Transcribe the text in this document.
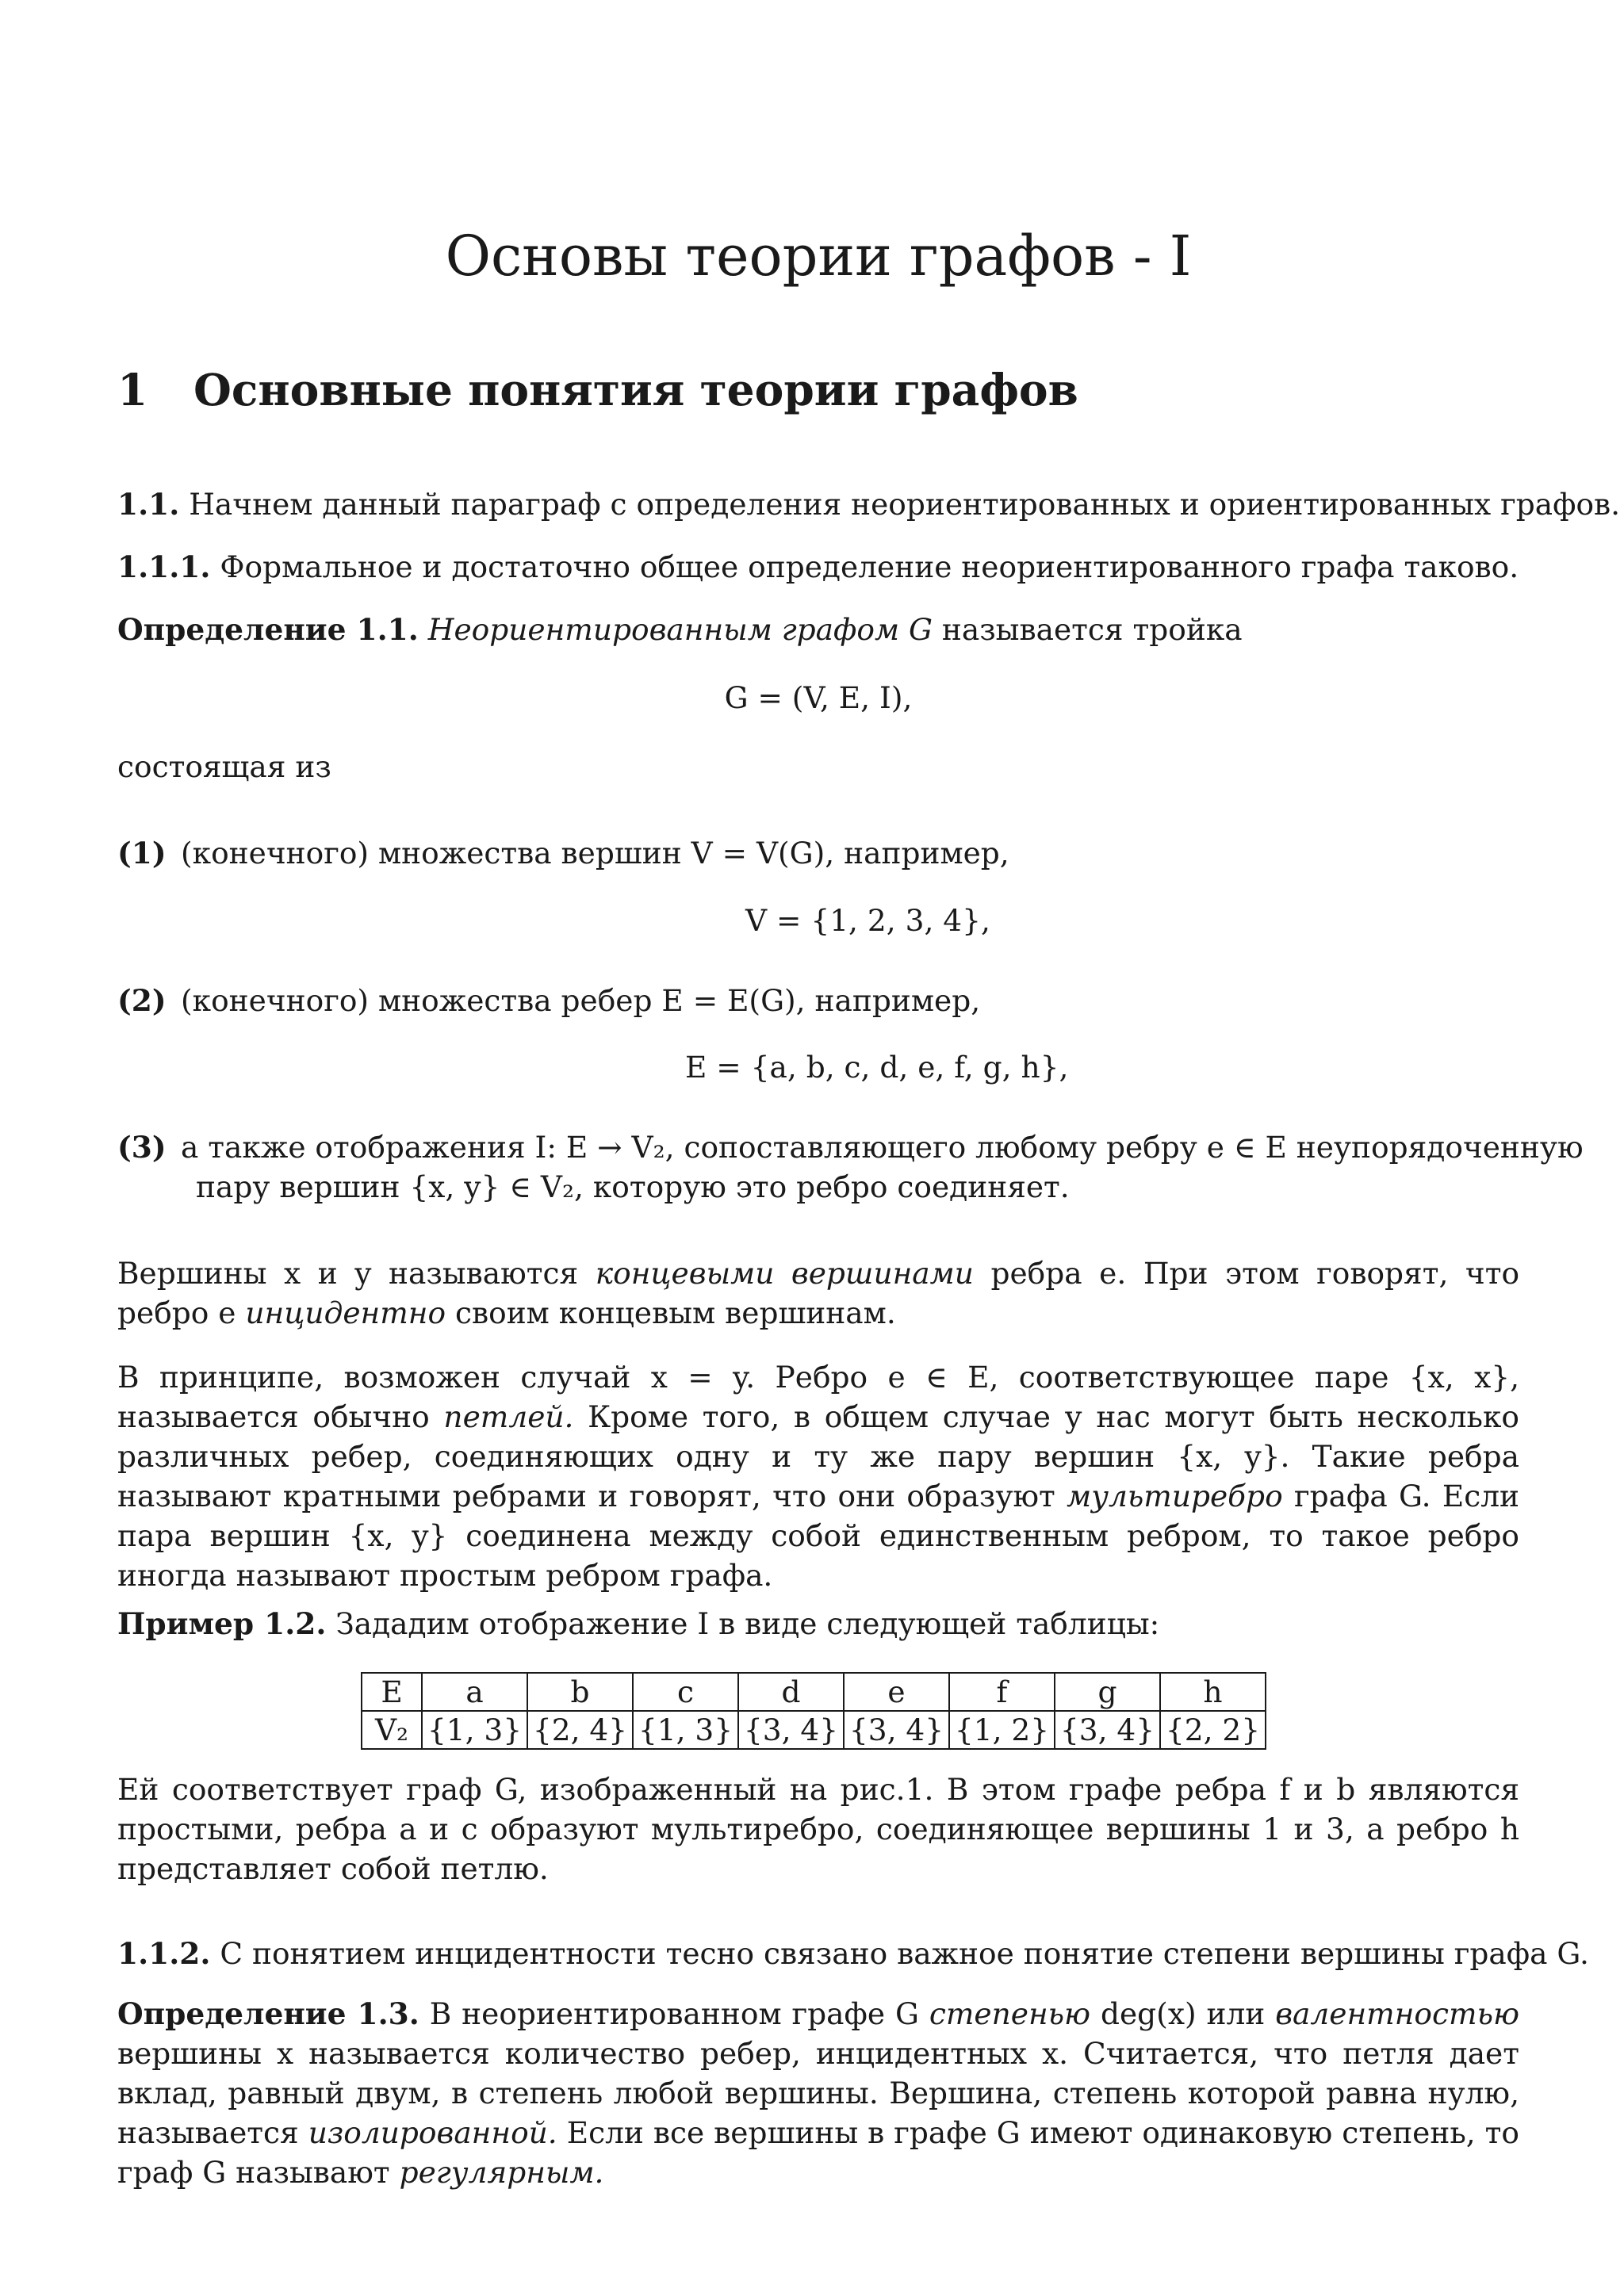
Основы теории графов - I
1 Основные понятия теории графов
1.1. Начнем данный параграф с определения неориентированных и ориентированных графов.
1.1.1. Формальное и достаточно общее определение неориентированного графа таково.
Определение 1.1. Неориентированным графом G называется тройка
G = (V, E, I),
состоящая из
(1) (конечного) множества вершин V = V(G), например,
V = {1, 2, 3, 4},
(2) (конечного) множества ребер E = E(G), например,
E = {a, b, c, d, e, f, g, h},
(3) а также отображения I: E → V₂, сопоставляющего любому ребру e ∈ E неупорядоченную
пару вершин {x, y} ∈ V₂, которую это ребро соединяет.
Вершины x и y называются концевыми вершинами ребра e. При этом говорят, что ребро e инцидентно своим концевым вершинам.
В принципе, возможен случай x = y. Ребро e ∈ E, соответствующее паре {x, x}, называется обычно петлей. Кроме того, в общем случае у нас могут быть несколько различных ребер, соединяющих одну и ту же пару вершин {x, y}. Такие ребра называют кратными ребрами и говорят, что они образуют мультиребро графа G. Если пара вершин {x, y} соединена между собой единственным ребром, то такое ребро иногда называют простым ребром графа.
Пример 1.2. Зададим отображение I в виде следующей таблицы:
Ей соответствует граф G, изображенный на рис.1. В этом графе ребра f и b являются простыми, ребра a и c образуют мультиребро, соединяющее вершины 1 и 3, а ребро h представляет собой петлю.
1.1.2. С понятием инцидентности тесно связано важное понятие степени вершины графа G.
Определение 1.3. В неориентированном графе G степенью deg(x) или валентностью вершины x называется количество ребер, инцидентных x. Считается, что петля дает вклад, равный двум, в степень любой вершины. Вершина, степень которой равна нулю, называется изолированной. Если все вершины в графе G имеют одинаковую степень, то граф G называют регулярным.
E	a	b	c	d	e	f	g	h
V₂	{1, 3}	{2, 4}	{1, 3}	{3, 4}	{3, 4}	{1, 2}	{3, 4}	{2, 2}
